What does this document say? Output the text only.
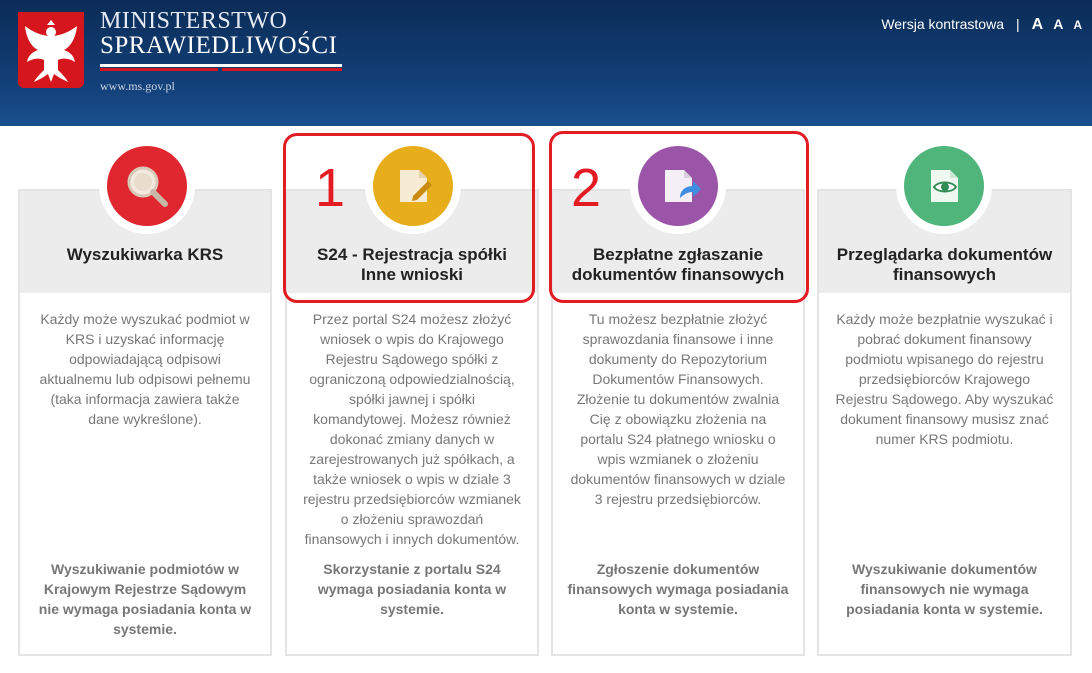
MINISTERSTWO
SPRAWIEDLIWOŚCI
www.ms.gov.pl
Wersja kontrastowa | A A A
Wyszukiwarka KRS
Każdy może wyszukać podmiot w KRS i uzyskać informację odpowiadającą odpisowi aktualnemu lub odpisowi pełnemu (taka informacja zawiera także dane wykreślone).
Wyszukiwanie podmiotów w Krajowym Rejestrze Sądowym nie wymaga posiadania konta w systemie.
S24 - Rejestracja spółki
Inne wnioski
Przez portal S24 możesz złożyć wniosek o wpis do Krajowego Rejestru Sądowego spółki z ograniczoną odpowiedzialnością, spółki jawnej i spółki komandytowej. Możesz również dokonać zmiany danych w zarejestrowanych już spółkach, a także wniosek o wpis w dziale 3 rejestru przedsiębiorców wzmianek o złożeniu sprawozdań finansowych i innych dokumentów.
Skorzystanie z portalu S24 wymaga posiadania konta w systemie.
Bezpłatne zgłaszanie
dokumentów finansowych
Tu możesz bezpłatnie złożyć sprawozdania finansowe i inne dokumenty do Repozytorium Dokumentów Finansowych. Złożenie tu dokumentów zwalnia Cię z obowiązku złożenia na portalu S24 płatnego wniosku o wpis wzmianek o złożeniu dokumentów finansowych w dziale 3 rejestru przedsiębiorców.
Zgłoszenie dokumentów finansowych wymaga posiadania konta w systemie.
Przeglądarka dokumentów
finansowych
Każdy może bezpłatnie wyszukać i pobrać dokument finansowy podmiotu wpisanego do rejestru przedsiębiorców Krajowego Rejestru Sądowego. Aby wyszukać dokument finansowy musisz znać numer KRS podmiotu.
Wyszukiwanie dokumentów finansowych nie wymaga posiadania konta w systemie.
1	2
